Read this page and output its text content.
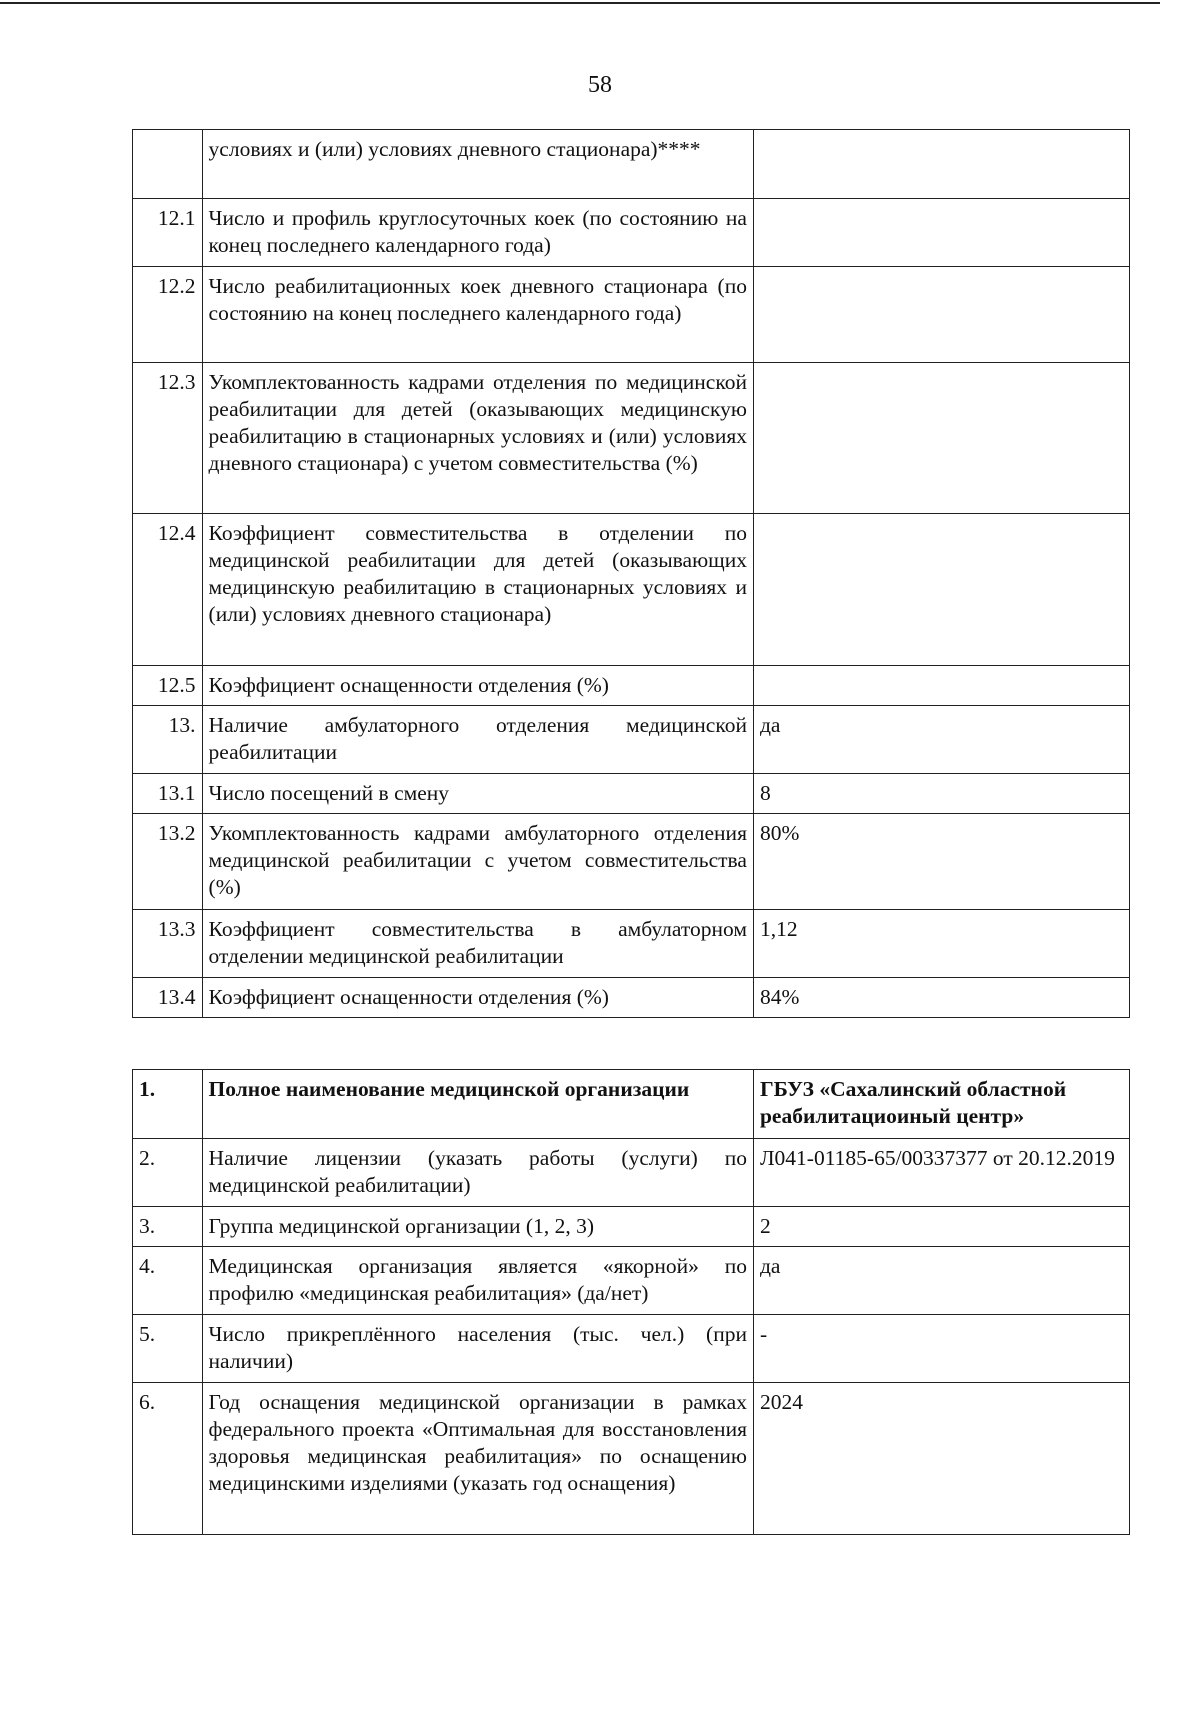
58
	условиях и (или) условиях дневного стационара)****	
12.1	Число и профиль круглосуточных коек (по состоянию на конец последнего календарного года)	
12.2	Число реабилитационных коек дневного стационара (по состоянию на конец последнего календарного года)	
12.3	Укомплектованность кадрами отделения по медицинской реабилитации для детей (оказывающих медицинскую реабилитацию в стационарных условиях и (или) условиях дневного стационара) с учетом совместительства (%)	
12.4	Коэффициент совместительства в отделении по медицинской реабилитации для детей (оказывающих медицинскую реабилитацию в стационарных условиях и (или) условиях дневного стационара)	
12.5	Коэффициент оснащенности отделения (%)	
13.	Наличие амбулаторного отделения медицинской реабилитации	да
13.1	Число посещений в смену	8
13.2	Укомплектованность кадрами амбулаторного отделения медицинской реабилитации с учетом совместительства (%)	80%
13.3	Коэффициент совместительства в амбулаторном отделении медицинской реабилитации	1,12
13.4	Коэффициент оснащенности отделения (%)	84%
1.	Полное наименование медицинской организации	ГБУЗ «Сахалинский областной реабилитациоиный центр»
2.	Наличие лицензии (указать работы (услуги) по медицинской реабилитации)	Л041-01185-65/00337377 от 20.12.2019
3.	Группа медицинской организации (1, 2, 3)	2
4.	Медицинская организация является «якорной» по профилю «медицинская реабилитация» (да/нет)	да
5.	Число прикреплённого населения (тыс. чел.) (при наличии)	-
6.	Год оснащения медицинской организации в рамках федерального проекта «Оптимальная для восстановления здоровья медицинская реабилитация» по оснащению медицинскими изделиями (указать год оснащения)	2024
